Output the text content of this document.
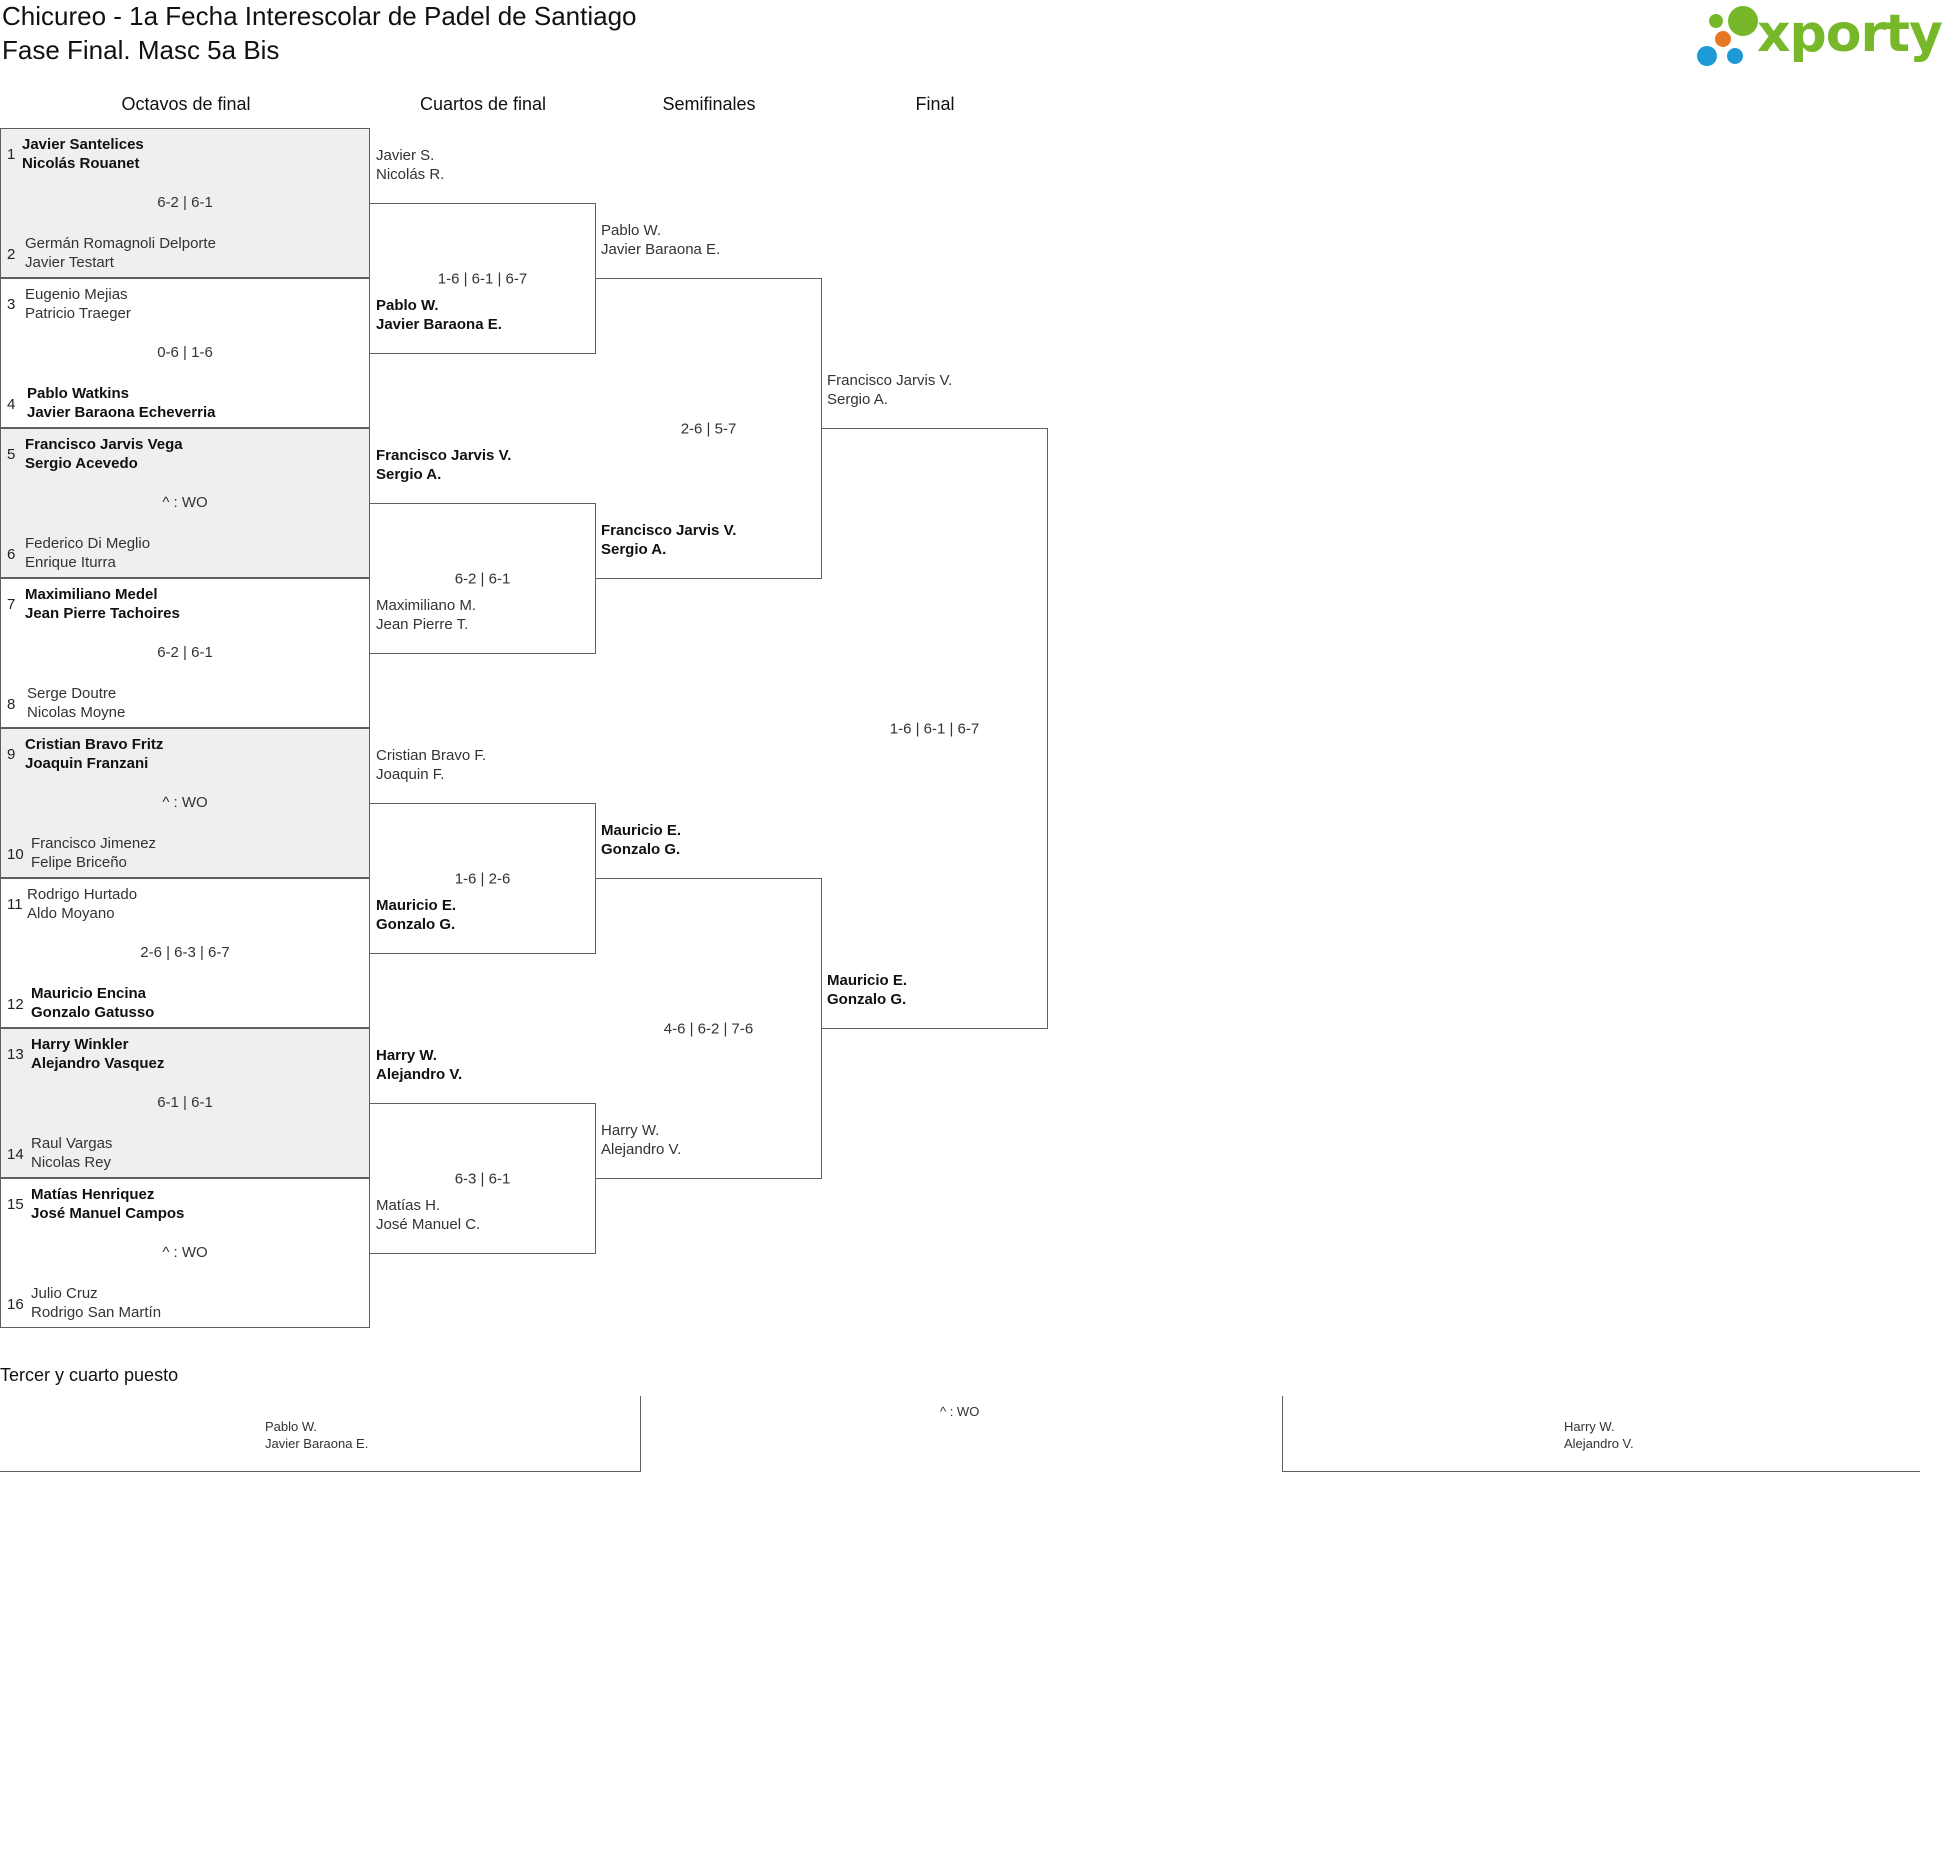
Chicureo - 1a Fecha Interescolar de Padel de Santiago
Fase Final. Masc 5a Bis	xporty
Octavos de final	Cuartos de final	Semifinales	Final
1
Javier Santelices
Nicolás Rouanet
6-2 | 6-1
2
Germán Romagnoli Delporte
Javier Testart
3
Eugenio Mejias
Patricio Traeger
0-6 | 1-6
4
Pablo Watkins
Javier Baraona Echeverria
5
Francisco Jarvis Vega
Sergio Acevedo
^ : WO
6
Federico Di Meglio
Enrique Iturra
7
Maximiliano Medel
Jean Pierre Tachoires
6-2 | 6-1
8
Serge Doutre
Nicolas Moyne
9
Cristian Bravo Fritz
Joaquin Franzani
^ : WO
10
Francisco Jimenez
Felipe Briceño
11
Rodrigo Hurtado
Aldo Moyano
2-6 | 6-3 | 6-7
12
Mauricio Encina
Gonzalo Gatusso
13
Harry Winkler
Alejandro Vasquez
6-1 | 6-1
14
Raul Vargas
Nicolas Rey
15
Matías Henriquez
José Manuel Campos
^ : WO
16
Julio Cruz
Rodrigo San Martín
Javier S.
Nicolás R.
1-6 | 6-1 | 6-7
Pablo W.
Javier Baraona E.
Francisco Jarvis V.
Sergio A.
6-2 | 6-1
Maximiliano M.
Jean Pierre T.
Cristian Bravo F.
Joaquin F.
1-6 | 2-6
Mauricio E.
Gonzalo G.
Harry W.
Alejandro V.
6-3 | 6-1
Matías H.
José Manuel C.
Pablo W.
Javier Baraona E.
2-6 | 5-7
Francisco Jarvis V.
Sergio A.
Mauricio E.
Gonzalo G.
4-6 | 6-2 | 7-6
Harry W.
Alejandro V.
Francisco Jarvis V.
Sergio A.
1-6 | 6-1 | 6-7
Mauricio E.
Gonzalo G.
Tercer y cuarto puesto
Pablo W.
Javier Baraona E.
^ : WO
Harry W.
Alejandro V.
